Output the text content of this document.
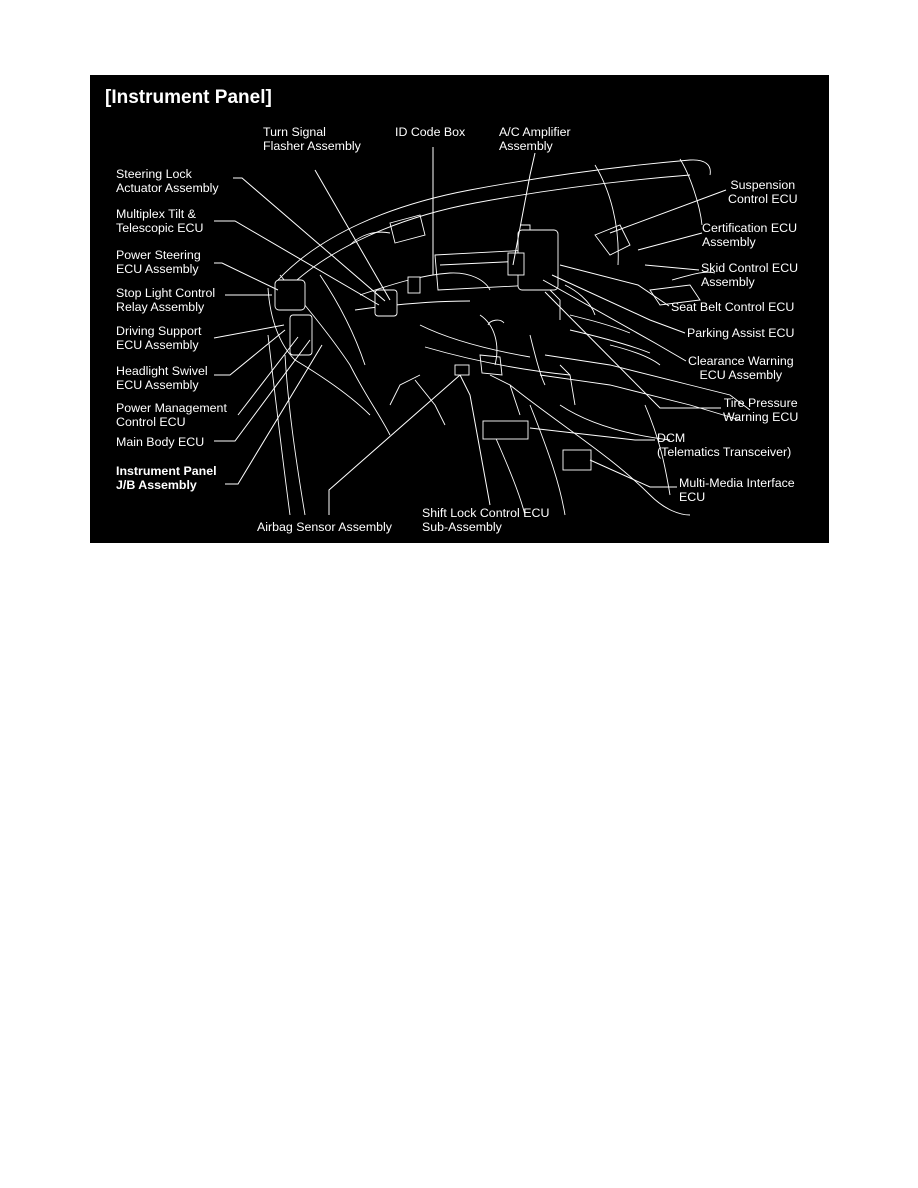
[Instrument Panel]
Turn Signal
Flasher Assembly
ID Code Box	A/C Amplifier
Assembly
Steering Lock
Actuator Assembly
Multiplex Tilt &
Telescopic ECU
Power Steering
ECU Assembly
Stop Light Control
Relay Assembly
Driving Support
ECU Assembly
Headlight Swivel
ECU Assembly
Power Management
Control ECU
Main Body ECU
Instrument Panel
J/B Assembly
Airbag Sensor Assembly
Shift Lock Control ECU
Sub-Assembly
Suspension
Control ECU
Certification ECU
Assembly
Skid Control ECU
Assembly
Seat Belt Control ECU
Parking Assist ECU
Clearance Warning
ECU Assembly
Tire Pressure
Warning ECU
DCM
(Telematics Transceiver)
Multi-Media Interface
ECU
